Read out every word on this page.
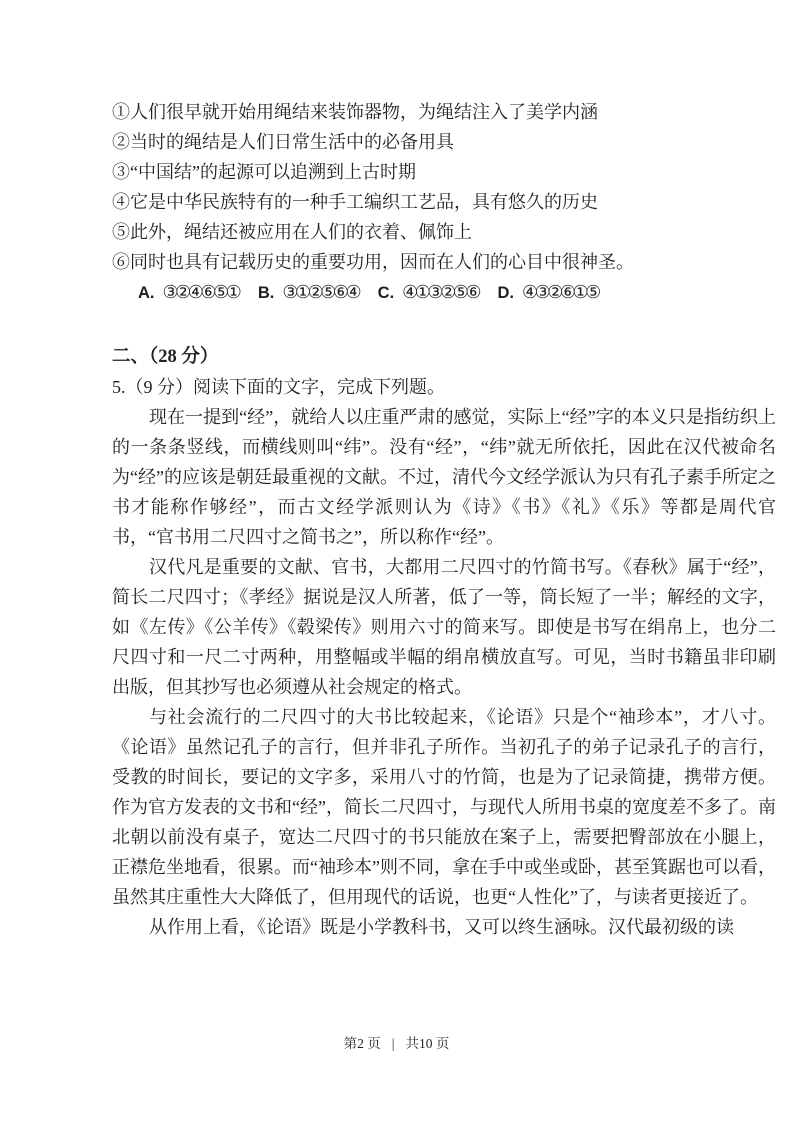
①人们很早就开始用绳结来装饰器物，为绳结注入了美学内涵
②当时的绳结是人们日常生活中的必备用具
③“中国结”的起源可以追溯到上古时期
④它是中华民族特有的一种手工编织工艺品，具有悠久的历史
⑤此外，绳结还被应用在人们的衣着、佩饰上
⑥同时也具有记载历史的重要功用，因而在人们的心目中很神圣。
A. ③②④⑥⑤① B. ③①②⑤⑥④ C. ④①③②⑤⑥ D. ④③②⑥①⑤
二、（28 分）
5.（9 分）阅读下面的文字，完成下列题。

现在一提到“经”，就给人以庄重严肃的感觉，实际上“经”字的本义只是指纺织上的一条条竖线，而横线则叫“纬”。没有“经”，“纬”就无所依托，因此在汉代被命名为“经”的应该是朝廷最重视的文献。不过，清代今文经学派认为只有孔子素手所定之书才能称作够经”，而古文经学派则认为《诗》《书》《礼》《乐》等都是周代官书，“官书用二尺四寸之简书之”，所以称作“经”。

汉代凡是重要的文献、官书，大都用二尺四寸的竹简书写。《春秋》属于“经”，简长二尺四寸；《孝经》据说是汉人所著，低了一等，筒长短了一半；解经的文字，如《左传》《公羊传》《毂梁传》则用六寸的简来写。即使是书写在绢帛上，也分二尺四寸和一尺二寸两种，用整幅或半幅的绢帛横放直写。可见，当时书籍虽非印刷出版，但其抄写也必须遵从社会规定的格式。

与社会流行的二尺四寸的大书比较起来，《论语》只是个“袖珍本”，才八寸。《论语》虽然记孔子的言行，但并非孔子所作。当初孔子的弟子记录孔子的言行，受教的时间长，要记的文字多，采用八寸的竹简，也是为了记录简捷，携带方便。作为官方发表的文书和“经”，简长二尺四寸，与现代人所用书桌的宽度差不多了。南北朝以前没有桌子，宽达二尺四寸的书只能放在案子上，需要把臀部放在小腿上，正襟危坐地看，很累。而“袖珍本”则不同，拿在手中或坐或卧，甚至箕踞也可以看，虽然其庄重性大大降低了，但用现代的话说，也更“人性化”了，与读者更接近了。

从作用上看，《论语》既是小学教科书，又可以终生涵咏。汉代最初级的读

第2 页 | 共10 页
